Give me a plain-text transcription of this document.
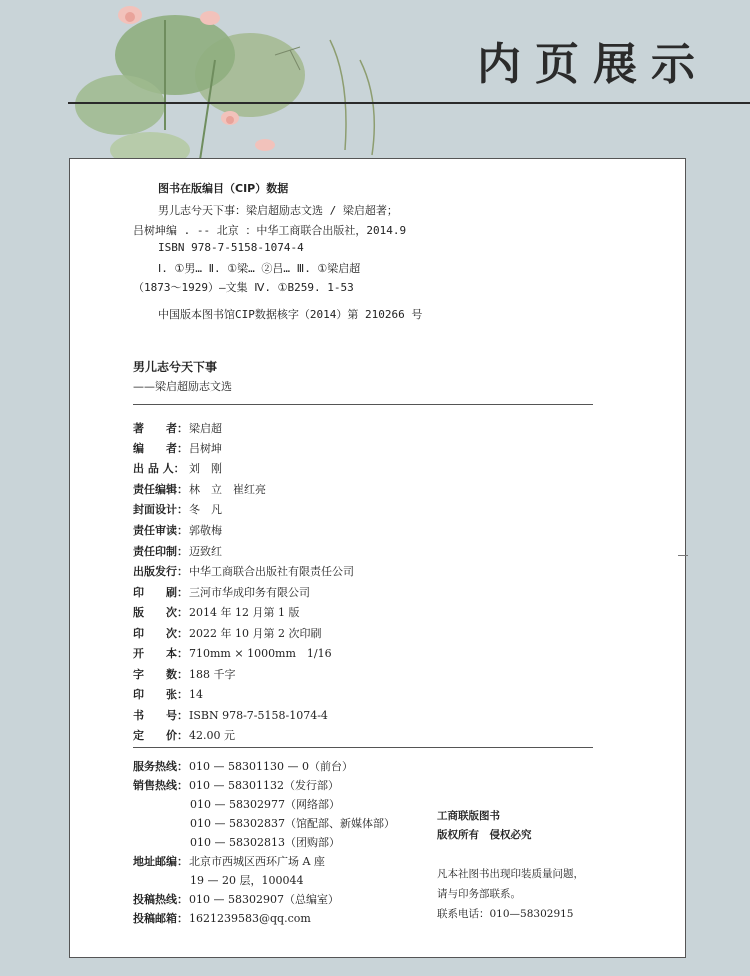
内页展示
图书在版编目（CIP）数据
男儿志兮天下事：梁启超励志文选 / 梁启超著；
吕树坤编 . -- 北京 ：中华工商联合出版社，2014.9
ISBN 978-7-5158-1074-4
Ⅰ. ①男… Ⅱ. ①梁… ②吕… Ⅲ. ①梁启超
（1873～1929）—文集 Ⅳ. ①B259. 1-53
中国版本图书馆CIP数据核字（2014）第 210266 号
男儿志兮天下事
——梁启超励志文选
著　　者：梁启超
编　　者：吕树坤
出 品 人： 刘　刚
责任编辑：林　立　崔红亮
封面设计：冬　凡
责任审读：郭敬梅
责任印制：迈致红
出版发行：中华工商联合出版社有限责任公司
印　　刷：三河市华成印务有限公司
版　　次：2014 年 12 月第 1 版
印　　次：2022 年 10 月第 2 次印刷
开　　本：710mm × 1000mm　1/16
字　　数：188 千字
印　　张：14
书　　号：ISBN 978-7-5158-1074-4
定　　价：42.00 元
服务热线：010 — 58301130 — 0（前台）
销售热线：010 — 58301132（发行部）
010 — 58302977（网络部）
010 — 58302837（馆配部、新媒体部）
010 — 58302813（团购部）
地址邮编：北京市西城区西环广场 A 座
19 — 20 层，100044
投稿热线：010 — 58302907（总编室）
投稿邮箱：1621239583@qq.com
工商联版图书
版权所有　侵权必究
凡本社图书出现印装质量问题，
请与印务部联系。
联系电话：010—58302915
